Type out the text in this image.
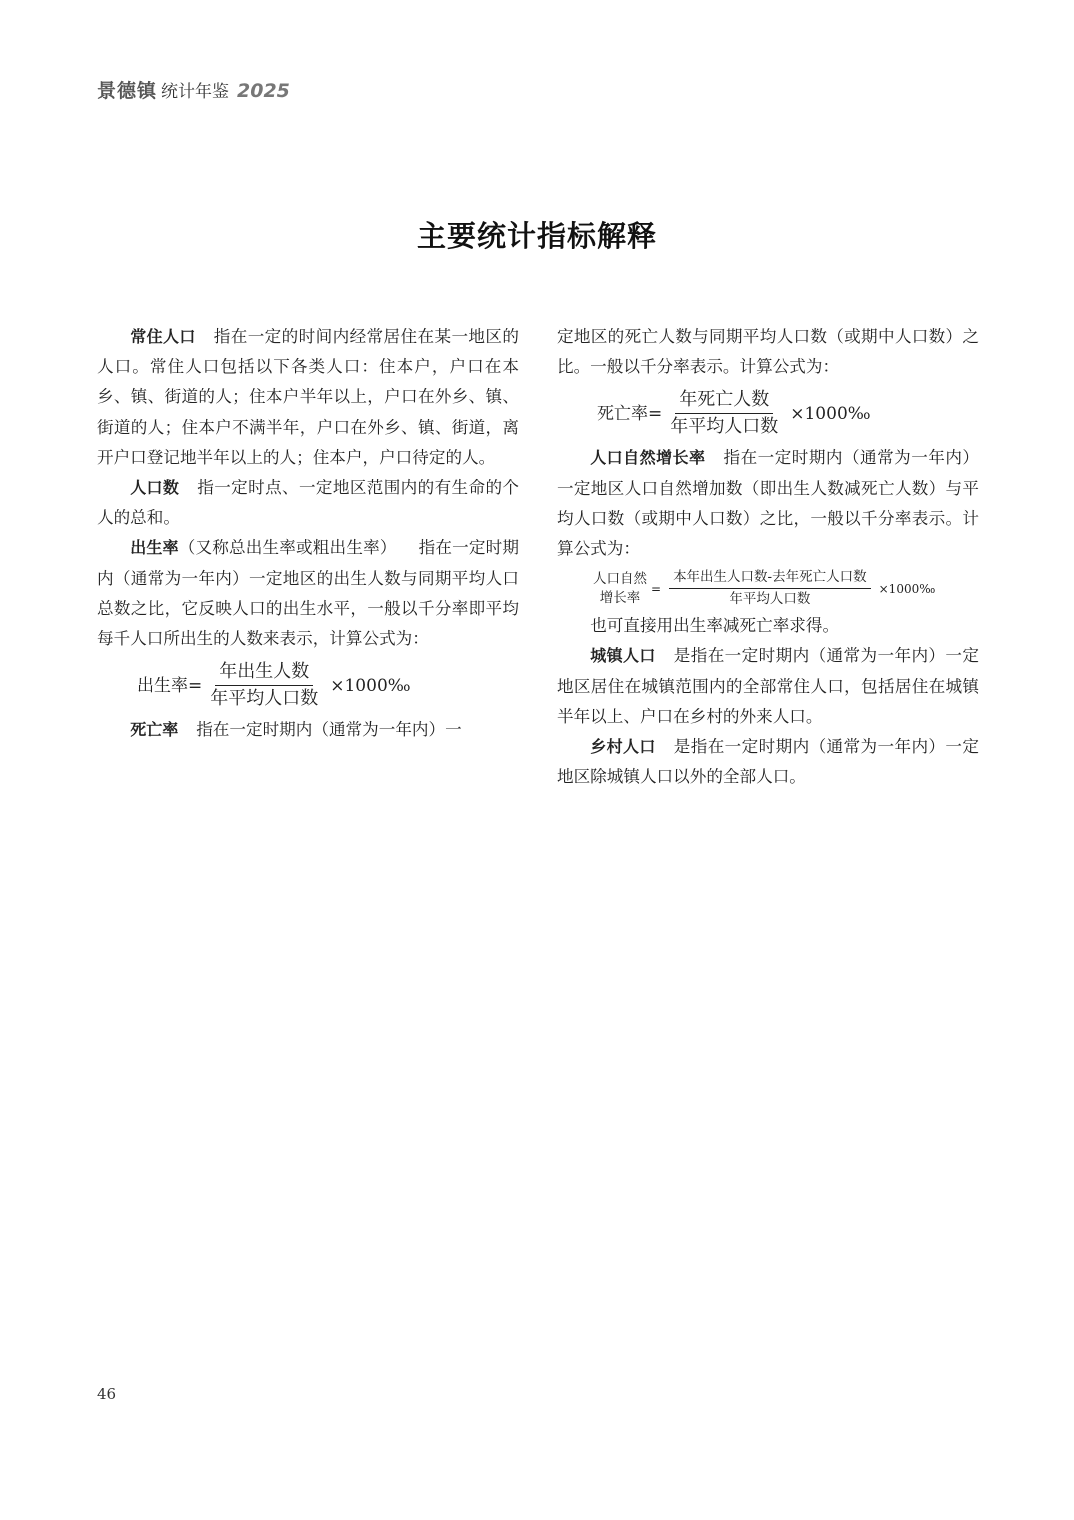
景德镇 统计年鉴 2025
主要统计指标解释

常住人口 指在一定的时间内经常居住在某一地区的人口。常住人口包括以下各类人口：住本户，户口在本乡、镇、街道的人；住本户半年以上，户口在外乡、镇、街道的人；住本户不满半年，户口在外乡、镇、街道，离开户口登记地半年以上的人；住本户，户口待定的人。

人口数 指一定时点、一定地区范围内的有生命的个人的总和。

出生率（又称总出生率或粗出生率） 指在一定时期内（通常为一年内）一定地区的出生人数与同期平均人口总数之比，它反映人口的出生水平，一般以千分率即平均每千人口所出生的人数来表示，计算公式为：

出生率 = $\frac{\text{年出生人数}}{\text{年平均人口数}}$ ×1000‰

死亡率 指在一定时期内（通常为一年内）一

定地区的死亡人数与同期平均人口数（或期中人口数）之比。一般以千分率表示。计算公式为：

死亡率 = $\frac{\text{年死亡人数}}{\text{年平均人口数}}$ ×1000‰

人口自然增长率 指在一定时期内（通常为一年内）一定地区人口自然增加数（即出生人数减死亡人数）与平均人口数（或期中人口数）之比，一般以千分率表示。计算公式为：

人口自然
增长率
= $\frac{\text{本年出生人口数-去年死亡人口数}}{\text{年平均人口数}}$ ×1000‰

也可直接用出生率减死亡率求得。

城镇人口 是指在一定时期内（通常为一年内）一定地区居住在城镇范围内的全部常住人口，包括居住在城镇半年以上、户口在乡村的外来人口。

乡村人口 是指在一定时期内（通常为一年内）一定地区除城镇人口以外的全部人口。

46
